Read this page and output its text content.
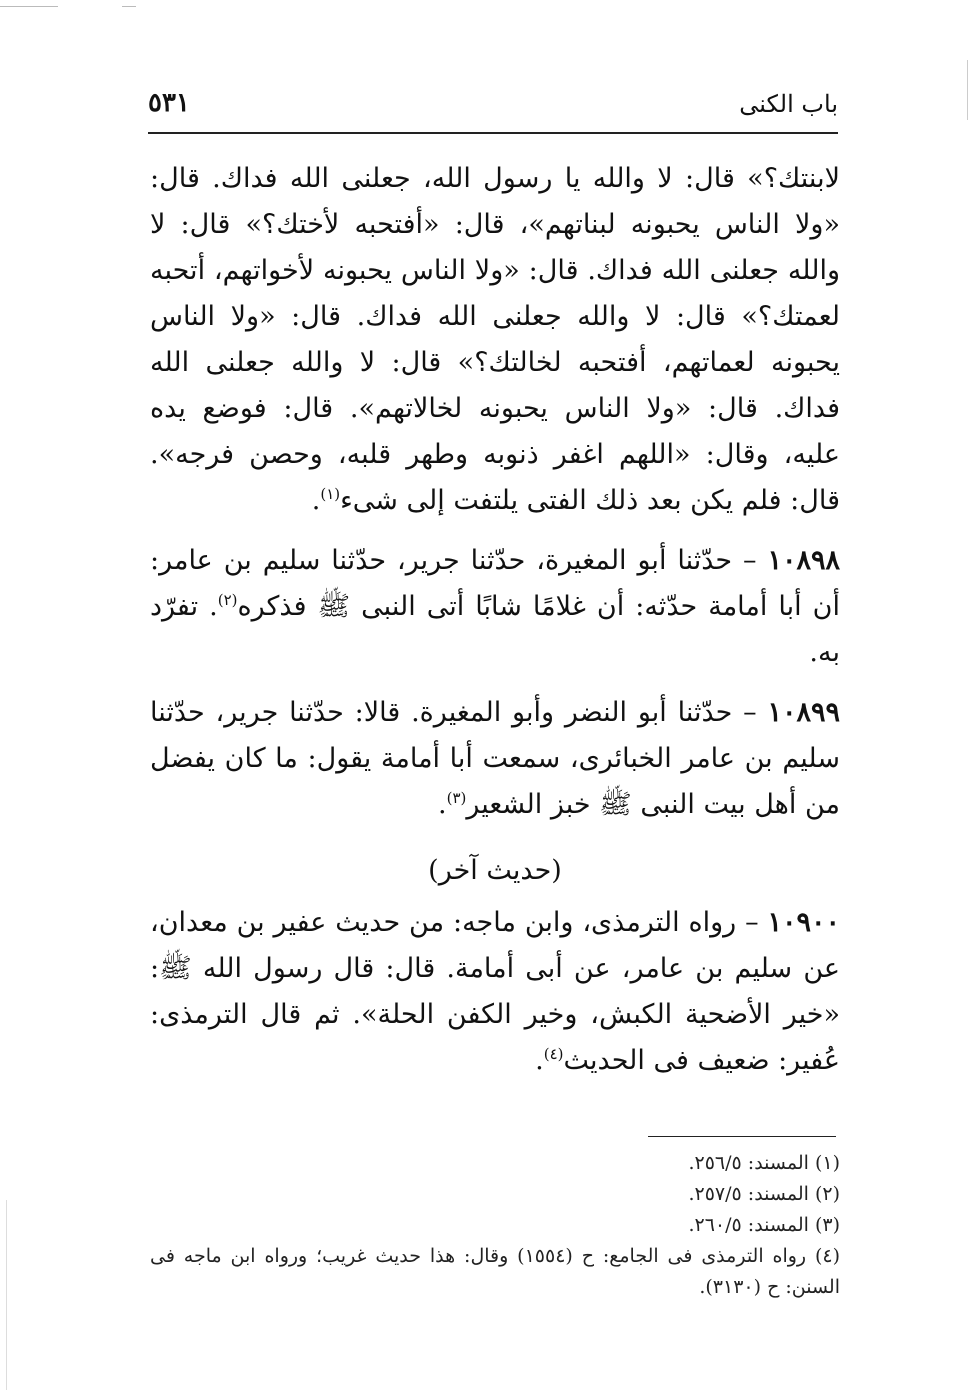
٥٣١	باب الكنى

لابنتك؟» قال: لا والله يا رسول الله، جعلنى الله فداك. قال: «ولا الناس يحبونه لبناتهم»، قال: «أفتحبه لأختك؟» قال: لا والله جعلنى الله فداك. قال: «ولا الناس يحبونه لأخواتهم، أتحبه لعمتك؟» قال: لا والله جعلنى الله فداك. قال: «ولا الناس يحبونه لعماتهم، أفتحبه لخالتك؟» قال: لا والله جعلنى الله فداك. قال: «ولا الناس يحبونه لخالاتهم». قال: فوضع يده عليه، وقال: «اللهم اغفر ذنوبه وطهر قلبه، وحصن فرجه». قال: فلم يكن بعد ذلك الفتى يلتفت إلى شىء$^{(١)}$.

١٠٨٩٨ – حدّثنا أبو المغيرة، حدّثنا جرير، حدّثنا سليم بن عامر: أن أبا أمامة حدّثه: أن غلامًا شابًا أتى النبى ﷺ فذكره$^{(٢)}$. تفرّد به.

١٠٨٩٩ – حدّثنا أبو النضر وأبو المغيرة. قالا: حدّثنا جرير، حدّثنا سليم بن عامر الخبائرى، سمعت أبا أمامة يقول: ما كان يفضل من أهل بيت النبى ﷺ خبز الشعير$^{(٣)}$.

(حديث آخر)

١٠٩٠٠ – رواه الترمذى، وابن ماجه: من حديث عفير بن معدان، عن سليم بن عامر، عن أبى أمامة. قال: قال رسول الله ﷺ: «خير الأضحية الكبش، وخير الكفن الحلة». ثم قال الترمذى: عُفير: ضعيف فى الحديث$^{(٤)}$.

(١) المسند: ٢٥٦/٥.

(٢) المسند: ٢٥٧/٥.

(٣) المسند: ٢٦٠/٥.

(٤) رواه الترمذى فى الجامع: ح (١٥٥٤) وقال: هذا حديث غريب؛ ورواه ابن ماجه فى السنن: ح (٣١٣٠).
